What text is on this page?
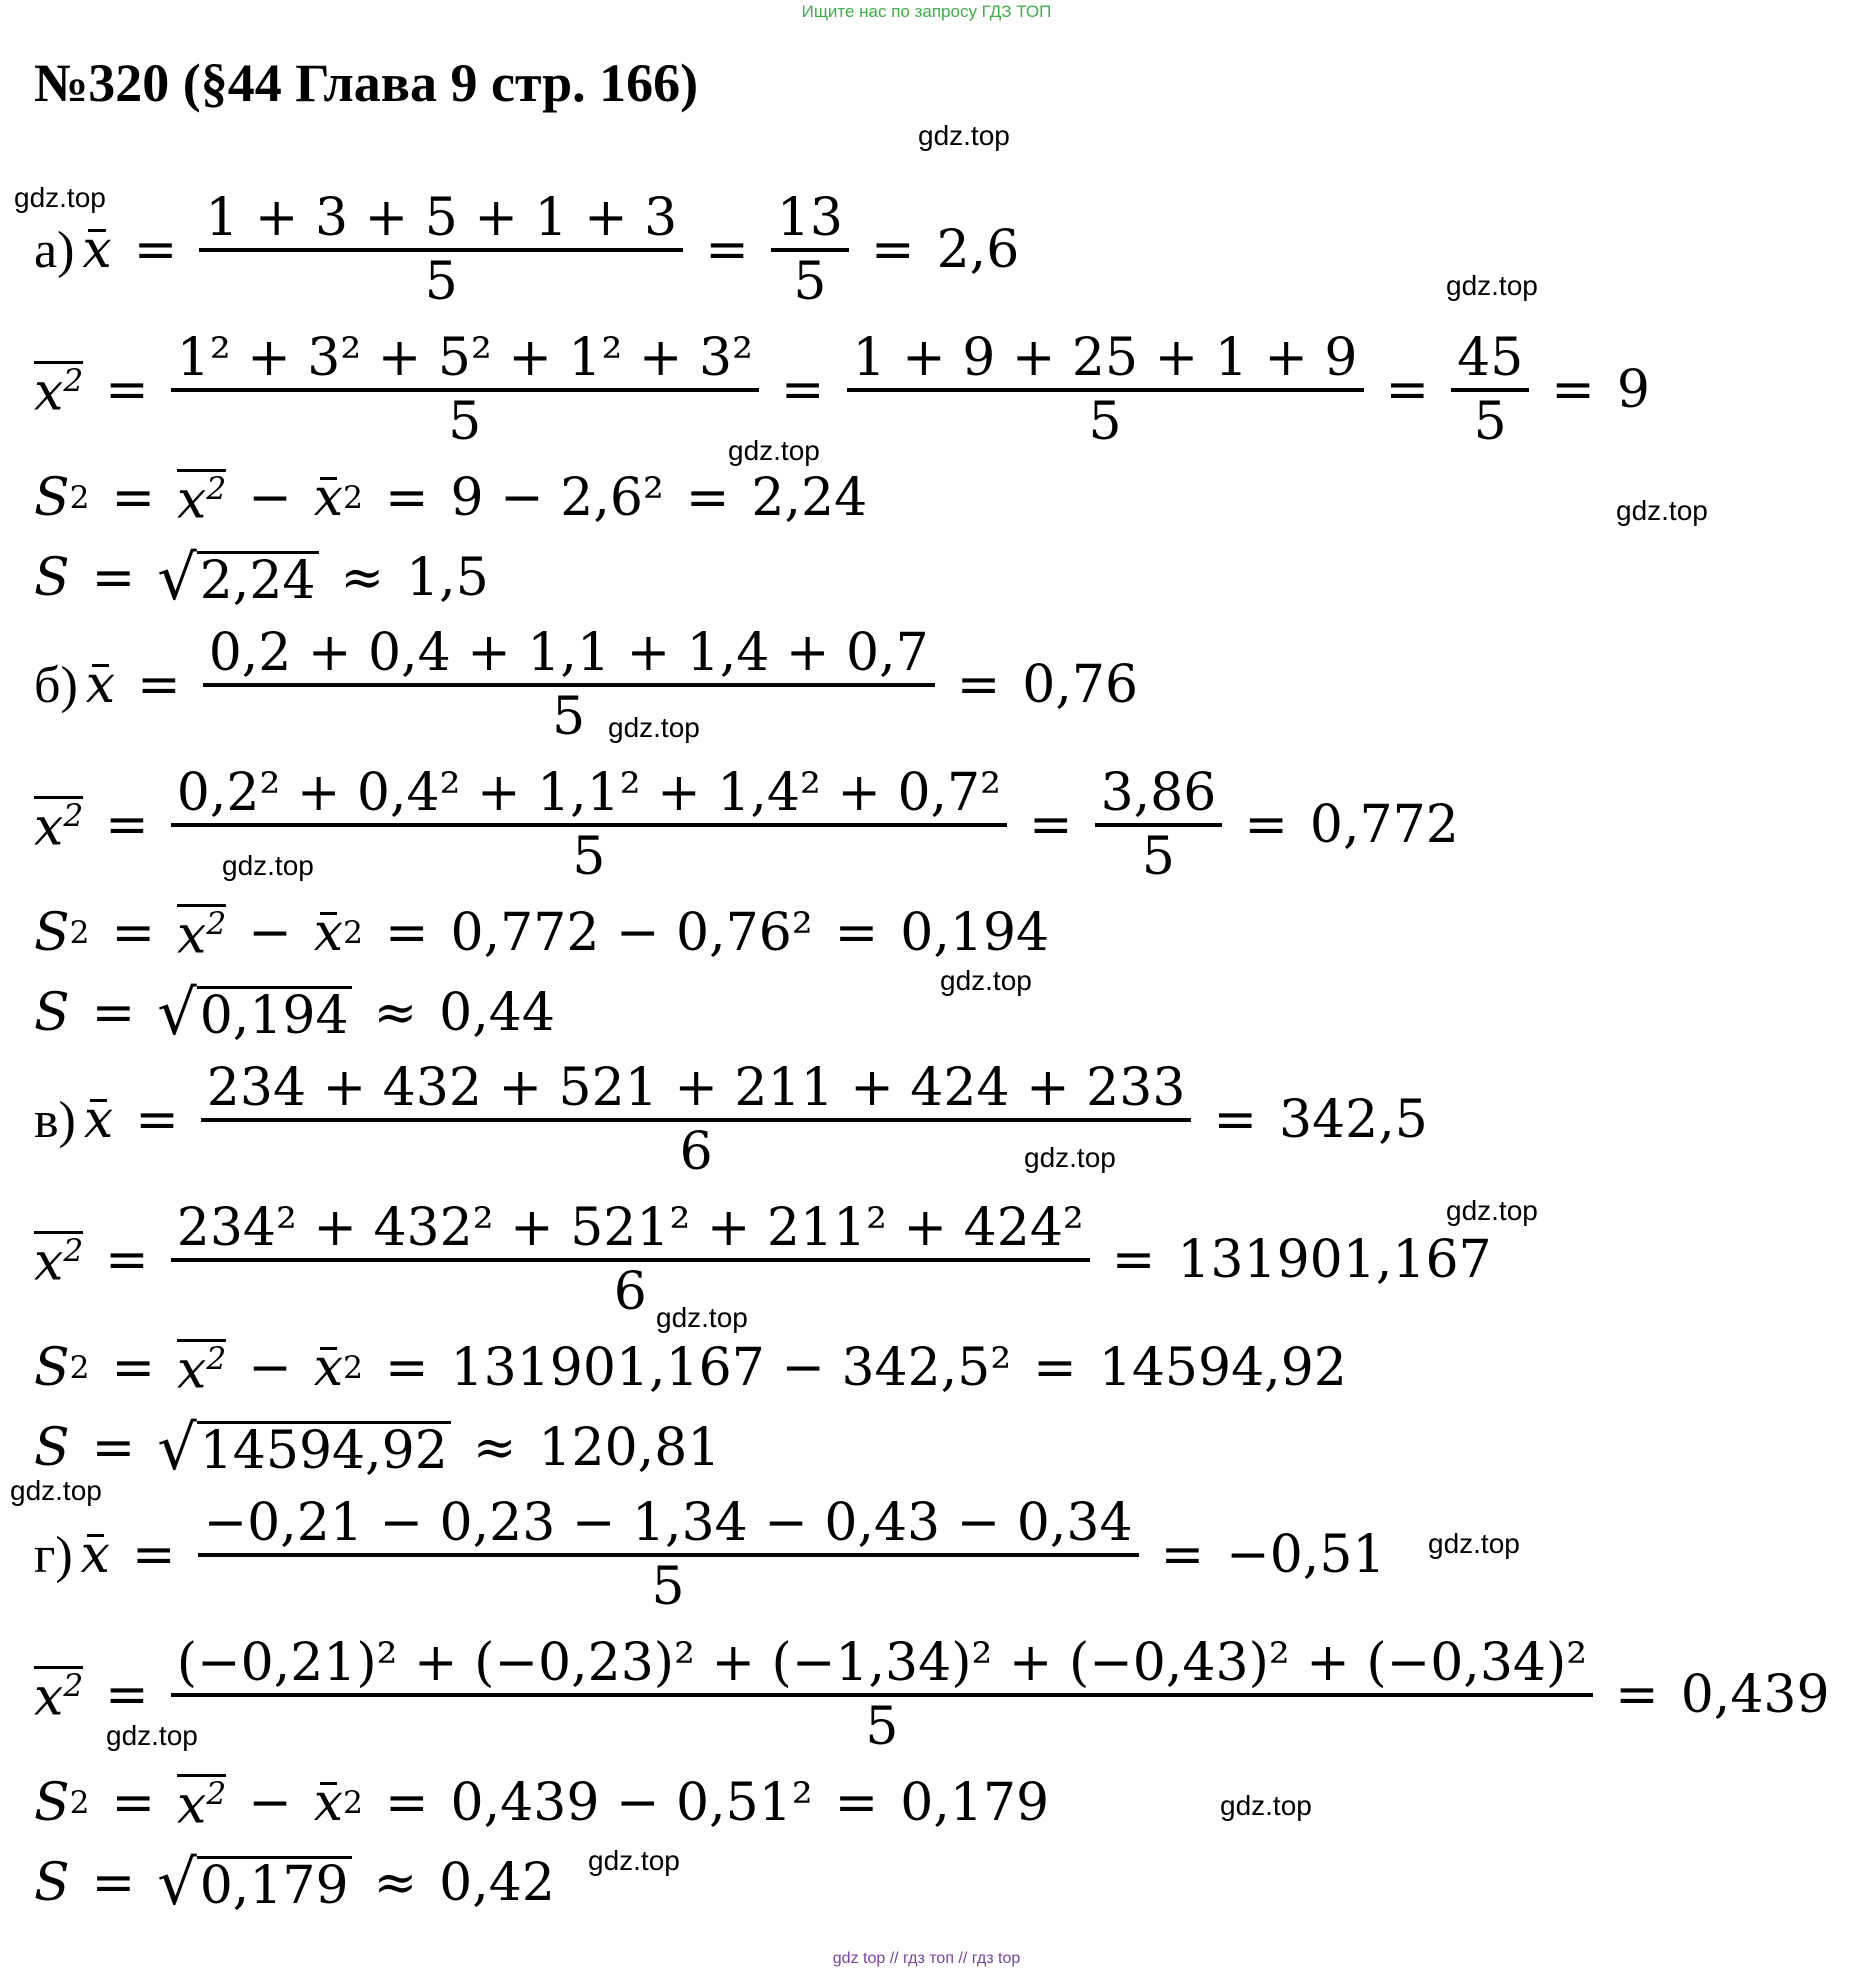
Ищите нас по запросу ГДЗ ТОП
№320 (§44 Глава 9 стр. 166)
а) $x = \frac{1 + 3 + 5 + 1 + 3}{5} = \frac{13}{5} = 2,6$
$x^2 = \frac{\text{1² + 3² + 5² + 1² + 3²}}{5} = \frac{1 + 9 + 25 + 1 + 9}{5} = \frac{45}{5} = 9$
S $2 = x^2 - x$ 2 = 9 − 2,6² = 2,24
S = √ 2,24 ≈ 1,5
б) $x = \frac{0,2 + 0,4 + 1,1 + 1,4 + 0,7}{5} = 0,76$
$x^2 = \frac{\text{0,2² + 0,4² + 1,1² + 1,4² + 0,7²}}{5} = \frac{3,86}{5} = 0,772$
S $2 = x^2 - x$ 2 = 0,772 − 0,76² = 0,194
S = √ 0,194 ≈ 0,44
в) $x = \frac{234 + 432 + 521 + 211 + 424 + 233}{6} = 342,5$
$x^2 = \frac{\text{234² + 432² + 521² + 211² + 424²}}{6} = 131901,167$
S $2 = x^2 - x$ 2 = 131901,167 − 342,5² = 14594,92
S = √ 14594,92 ≈ 120,81
г) $x = \frac{-0,21 - 0,23 - 1,34 - 0,43 - 0,34}{5} = -0,51$
$x^2 = \frac{\text{(−0,21)² + (−0,23)² + (−1,34)² + (−0,43)² + (−0,34)²}}{5} = 0,439$
S $2 = x^2 - x$ 2 = 0,439 − 0,51² = 0,179
S = √ 0,179 ≈ 0,42
gdz.top
gdz.top
gdz.top
gdz.top
gdz.top
gdz.top
gdz.top
gdz.top
gdz.top
gdz.top
gdz.top
gdz.top
gdz.top
gdz.top
gdz.top
gdz.top
gdz top // гдз топ // гдз top
